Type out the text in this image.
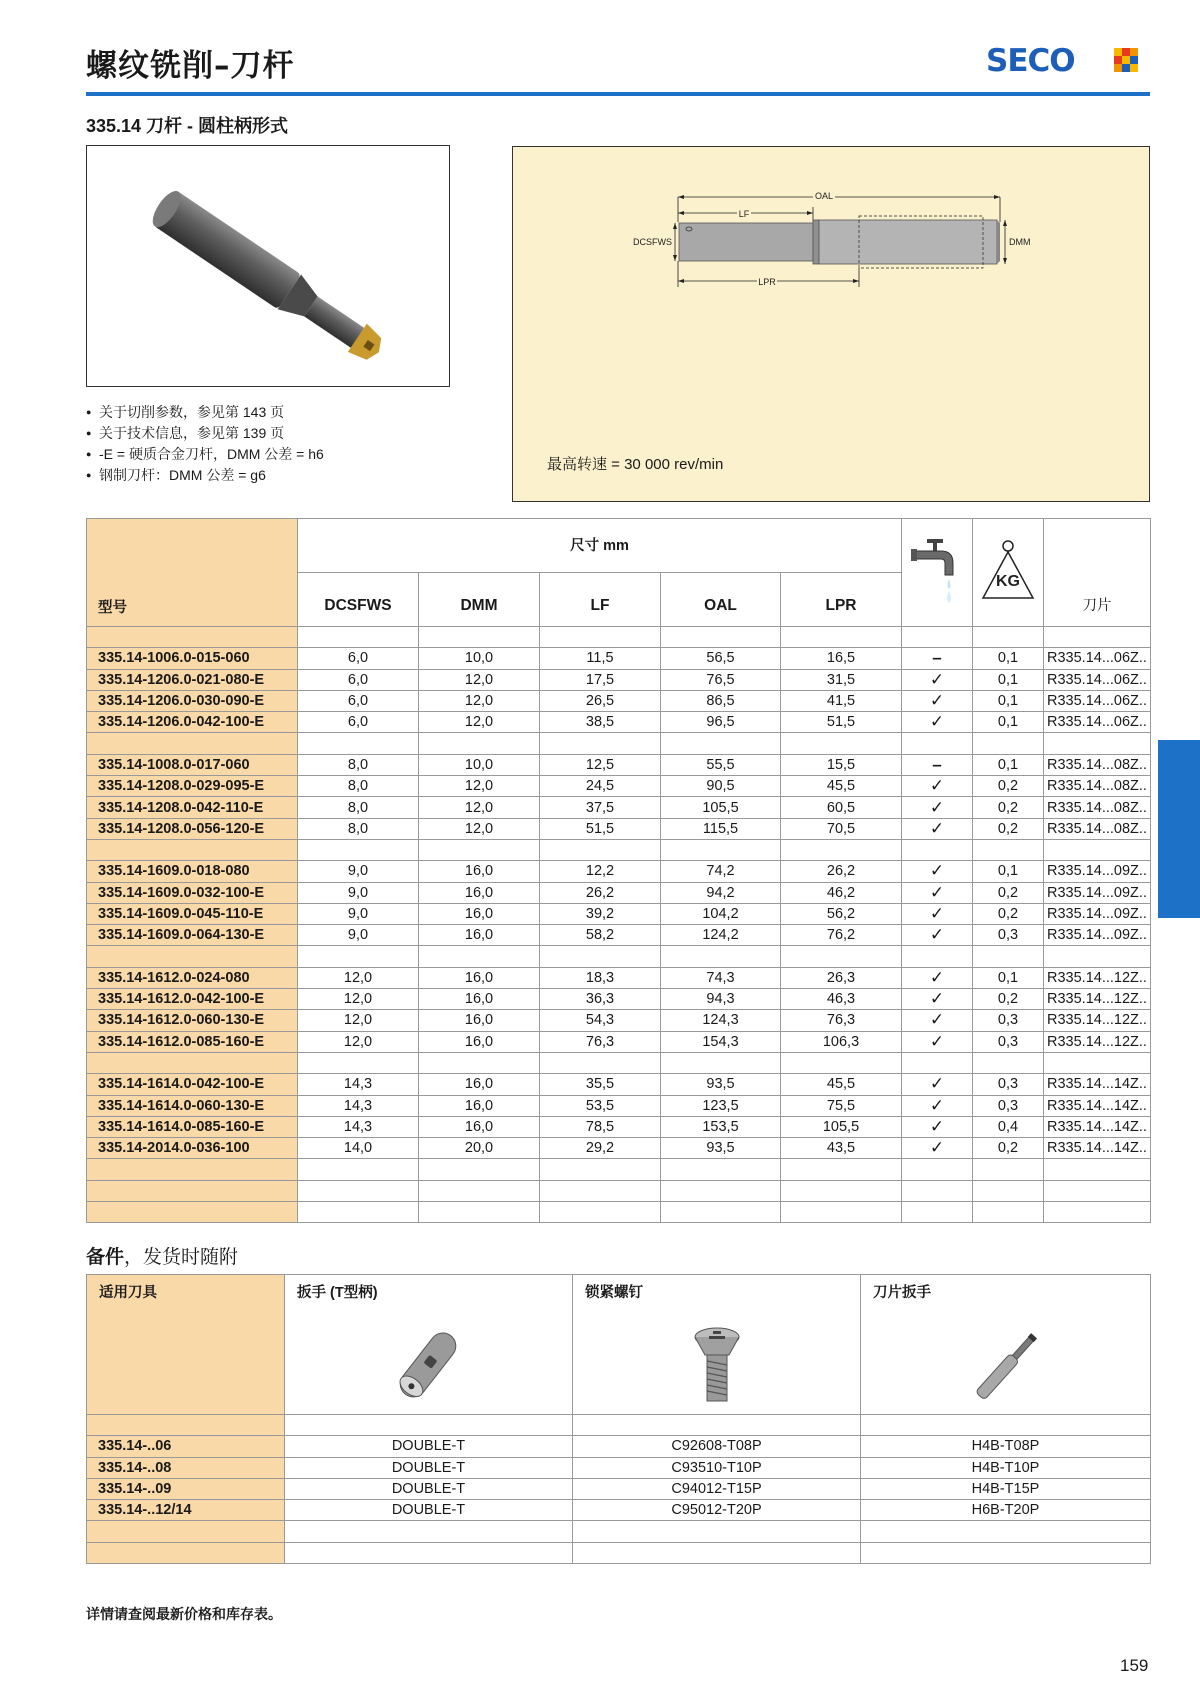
螺纹铣削–刀杆	SECO
335.14 刀杆 - 圆柱柄形式
● 关于切削参数，参见第 143 页
● 关于技术信息，参见第 139 页
● -E = 硬质合金刀杆，DMM 公差 = h6
● 钢制刀杆：DMM 公差 = g6
OAL
LF
DCSFWS	DMM
LPR
最高转速 = 30 000 rev/min
型号	尺寸 mm						KG	刀片
	DCSFWS	DMM	LF	OAL	LPR			

335.14-1006.0-015-060	6,0	10,0	11,5	56,5	16,5	–	0,1	R335.14...06Z..
335.14-1206.0-021-080-E	6,0	12,0	17,5	76,5	31,5	✓	0,1	R335.14...06Z..
335.14-1206.0-030-090-E	6,0	12,0	26,5	86,5	41,5	✓	0,1	R335.14...06Z..
335.14-1206.0-042-100-E	6,0	12,0	38,5	96,5	51,5	✓	0,1	R335.14...06Z..

335.14-1008.0-017-060	8,0	10,0	12,5	55,5	15,5	–	0,1	R335.14...08Z..
335.14-1208.0-029-095-E	8,0	12,0	24,5	90,5	45,5	✓	0,2	R335.14...08Z..
335.14-1208.0-042-110-E	8,0	12,0	37,5	105,5	60,5	✓	0,2	R335.14...08Z..
335.14-1208.0-056-120-E	8,0	12,0	51,5	115,5	70,5	✓	0,2	R335.14...08Z..

335.14-1609.0-018-080	9,0	16,0	12,2	74,2	26,2	✓	0,1	R335.14...09Z..
335.14-1609.0-032-100-E	9,0	16,0	26,2	94,2	46,2	✓	0,2	R335.14...09Z..
335.14-1609.0-045-110-E	9,0	16,0	39,2	104,2	56,2	✓	0,2	R335.14...09Z..
335.14-1609.0-064-130-E	9,0	16,0	58,2	124,2	76,2	✓	0,3	R335.14...09Z..

335.14-1612.0-024-080	12,0	16,0	18,3	74,3	26,3	✓	0,1	R335.14...12Z..
335.14-1612.0-042-100-E	12,0	16,0	36,3	94,3	46,3	✓	0,2	R335.14...12Z..
335.14-1612.0-060-130-E	12,0	16,0	54,3	124,3	76,3	✓	0,3	R335.14...12Z..
335.14-1612.0-085-160-E	12,0	16,0	76,3	154,3	106,3	✓	0,3	R335.14...12Z..

335.14-1614.0-042-100-E	14,3	16,0	35,5	93,5	45,5	✓	0,3	R335.14...14Z..
335.14-1614.0-060-130-E	14,3	16,0	53,5	123,5	75,5	✓	0,3	R335.14...14Z..
335.14-1614.0-085-160-E	14,3	16,0	78,5	153,5	105,5	✓	0,4	R335.14...14Z..
335.14-2014.0-036-100	14,0	20,0	29,2	93,5	43,5	✓	0,2	R335.14...14Z..

备件，发货时随附
适用刀具	扳手 (T型柄)	锁紧螺钉	刀片扳手

335.14-..06	DOUBLE-T	C92608-T08P	H4B-T08P
335.14-..08	DOUBLE-T	C93510-T10P	H4B-T10P
335.14-..09	DOUBLE-T	C94012-T15P	H4B-T15P
335.14-..12/14	DOUBLE-T	C95012-T20P	H6B-T20P

详情请查阅最新价格和库存表。
159
